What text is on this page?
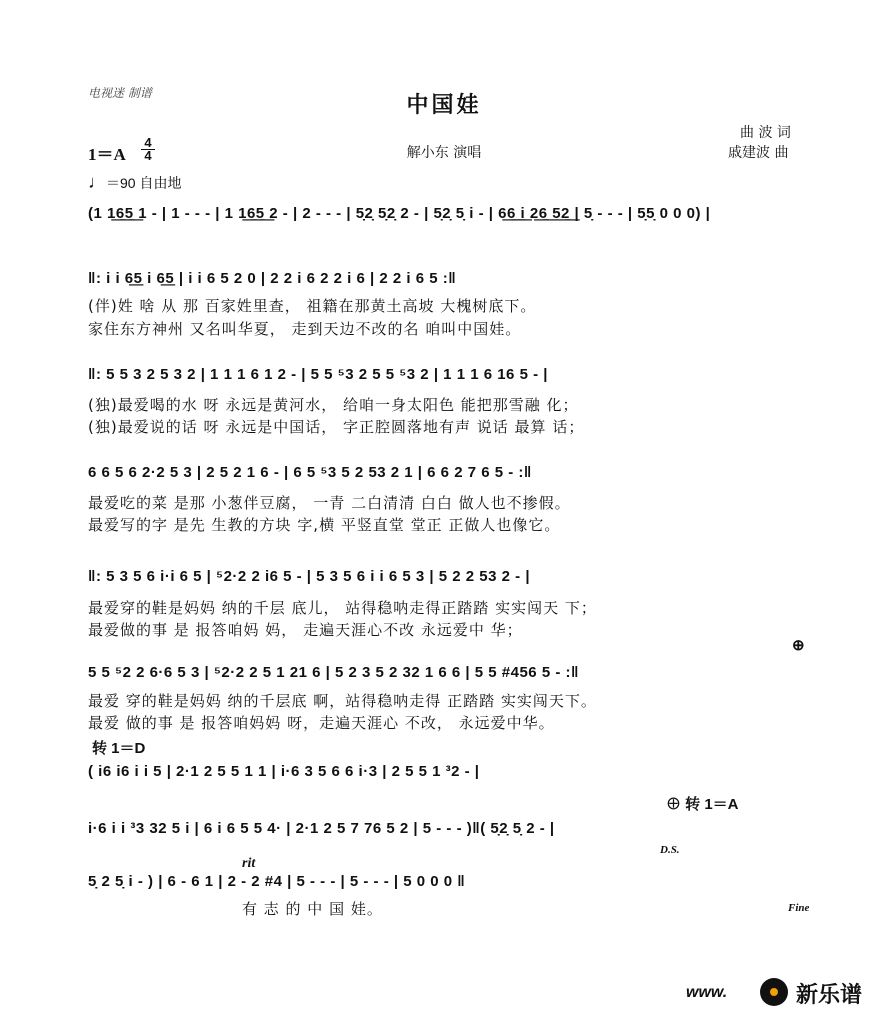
电视迷 制谱	中国娃
曲 波 词
戚建波 曲
解小东 演唱
$1=A \frac{4}{4}$
♩＝90 自由地
(1 1͟6͟5͟ 1 - | 1 - - - | 1 1͟6͟5͟ 2 - | 2 - - - | 5̣2̣ 5̣2̣ 2 - | 5̣2̣ 5̣ i - | 6͟6͟ i͟ 2͟6͟ 5͟2͟ | 5̣ - - - | 5̣5̣ 0 0 0) |
‖: i i 6͟5 i 6͟5 | i i 6 5 2 0 | 2 2 i 6 2 2 i 6 | 2 2 i 6 5 :‖
(伴)姓 啥 从 那 百家姓里查， 祖籍在那黄土高坡 大槐树底下。
家住东方神州 又名叫华夏， 走到天边不改的名 咱叫中国娃。
‖: 5 5 3 2 5 3 2 | 1 1 1 6 1 2 - | 5 5 ⁵3 2 5 5 ⁵3 2 | 1 1 1 6 16 5 - |
(独)最爱喝的水 呀 永远是黄河水， 给咱一身太阳色 能把那雪融 化；
(独)最爱说的话 呀 永远是中国话， 字正腔圆落地有声 说话 最算 话；
6 6 5 6 2·2 5 3 | 2 5 2 1 6 - | 6 5 ⁵3 5 2 53 2 1 | 6 6 2 7 6 5 - :‖
最爱吃的菜 是那 小葱伴豆腐， 一青 二白清清 白白 做人也不掺假。
最爱写的字 是先 生教的方块 字,横 平竖直堂 堂正 正做人也像它。
‖: 5 3 5 6 i·i 6 5 | ⁵2·2 2 i6 5 - | 5 3 5 6 i i 6 5 3 | 5 2 2 53 2 - |
最爱穿的鞋是妈妈 纳的千层 底儿， 站得稳呐走得正踏踏 实实闯天 下；
最爱做的事 是 报答咱妈 妈， 走遍天涯心不改 永远爱中 华；
⊕
5 5 ⁵2 2 6·6 5 3 | ⁵2·2 2 5 1 21 6 | 5 2 3 5 2 32 1 6 6 | 5 5 #456 5 - :‖
最爱 穿的鞋是妈妈 纳的千层底 啊，站得稳呐走得 正踏踏 实实闯天下。
最爱 做的事 是 报答咱妈妈 呀，走遍天涯心 不改， 永远爱中华。
转 1＝D
( i6 i6 i i 5 | 2·1 2 5 5 1 1 | i·6 3 5 6 6 i·3 | 2 5 5 1 ³2 - |
⊕ 转 1＝A
i·6 i i ³3 32 5 i | 6 i 6 5 5 4· | 2·1 2 5 7 76 5 2 | 5 - - - )‖( 5̣2̣ 5̣ 2 - |
D.S.
rit
5̣ 2 5̣ i - ) | 6 - 6 1 | 2 - 2 #4 | 5 - - - | 5 - - - | 5 0 0 0 ‖
有 志 的 中 国 娃。	Fine
www.	新乐谱
